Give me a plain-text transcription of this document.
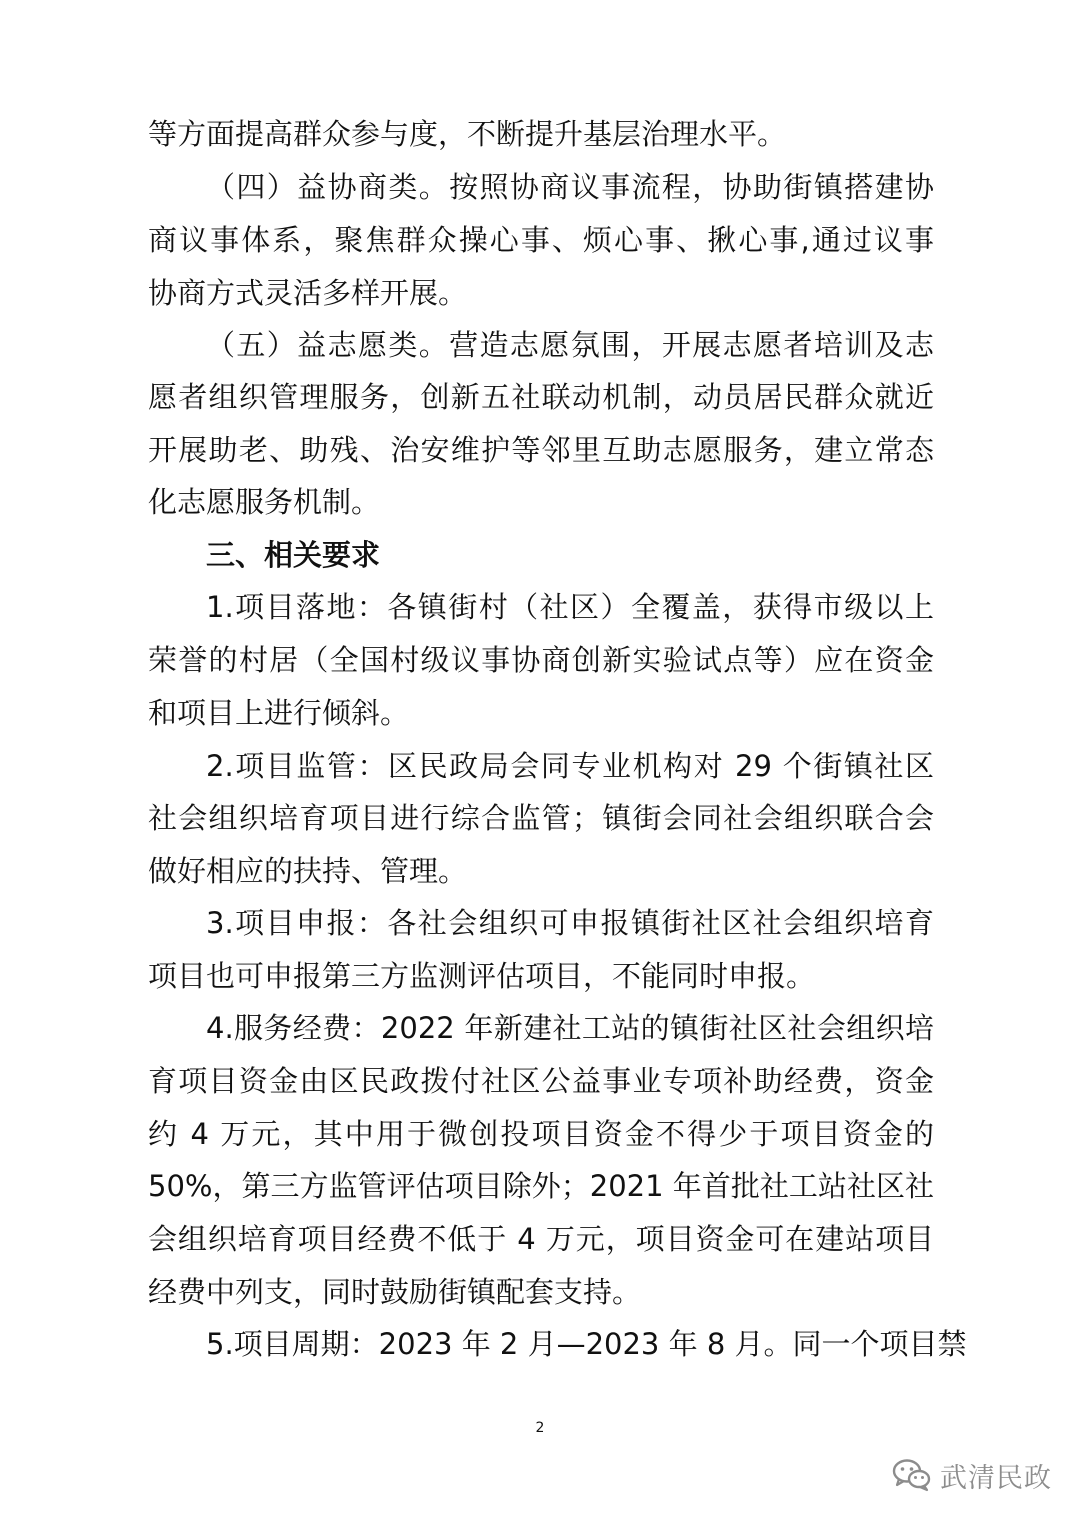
等方面提高群众参与度，不断提升基层治理水平。
（四）益协商类。按照协商议事流程，协助街镇搭建协
商议事体系，聚焦群众操心事、烦心事、揪心事,通过议事
协商方式灵活多样开展。
（五）益志愿类。营造志愿氛围，开展志愿者培训及志
愿者组织管理服务，创新五社联动机制，动员居民群众就近
开展助老、助残、治安维护等邻里互助志愿服务，建立常态
化志愿服务机制。
三、相关要求
1.项目落地：各镇街村（社区）全覆盖，获得市级以上
荣誉的村居（全国村级议事协商创新实验试点等）应在资金
和项目上进行倾斜。
2.项目监管：区民政局会同专业机构对 29 个街镇社区
社会组织培育项目进行综合监管；镇街会同社会组织联合会
做好相应的扶持、管理。
3.项目申报：各社会组织可申报镇街社区社会组织培育
项目也可申报第三方监测评估项目，不能同时申报。
4.服务经费：2022 年新建社工站的镇街社区社会组织培
育项目资金由区民政拨付社区公益事业专项补助经费，资金
约 4 万元，其中用于微创投项目资金不得少于项目资金的
50%，第三方监管评估项目除外；2021 年首批社工站社区社
会组织培育项目经费不低于 4 万元，项目资金可在建站项目
经费中列支，同时鼓励街镇配套支持。
5.项目周期：2023 年 2 月—2023 年 8 月。同一个项目禁
2
武清民政
